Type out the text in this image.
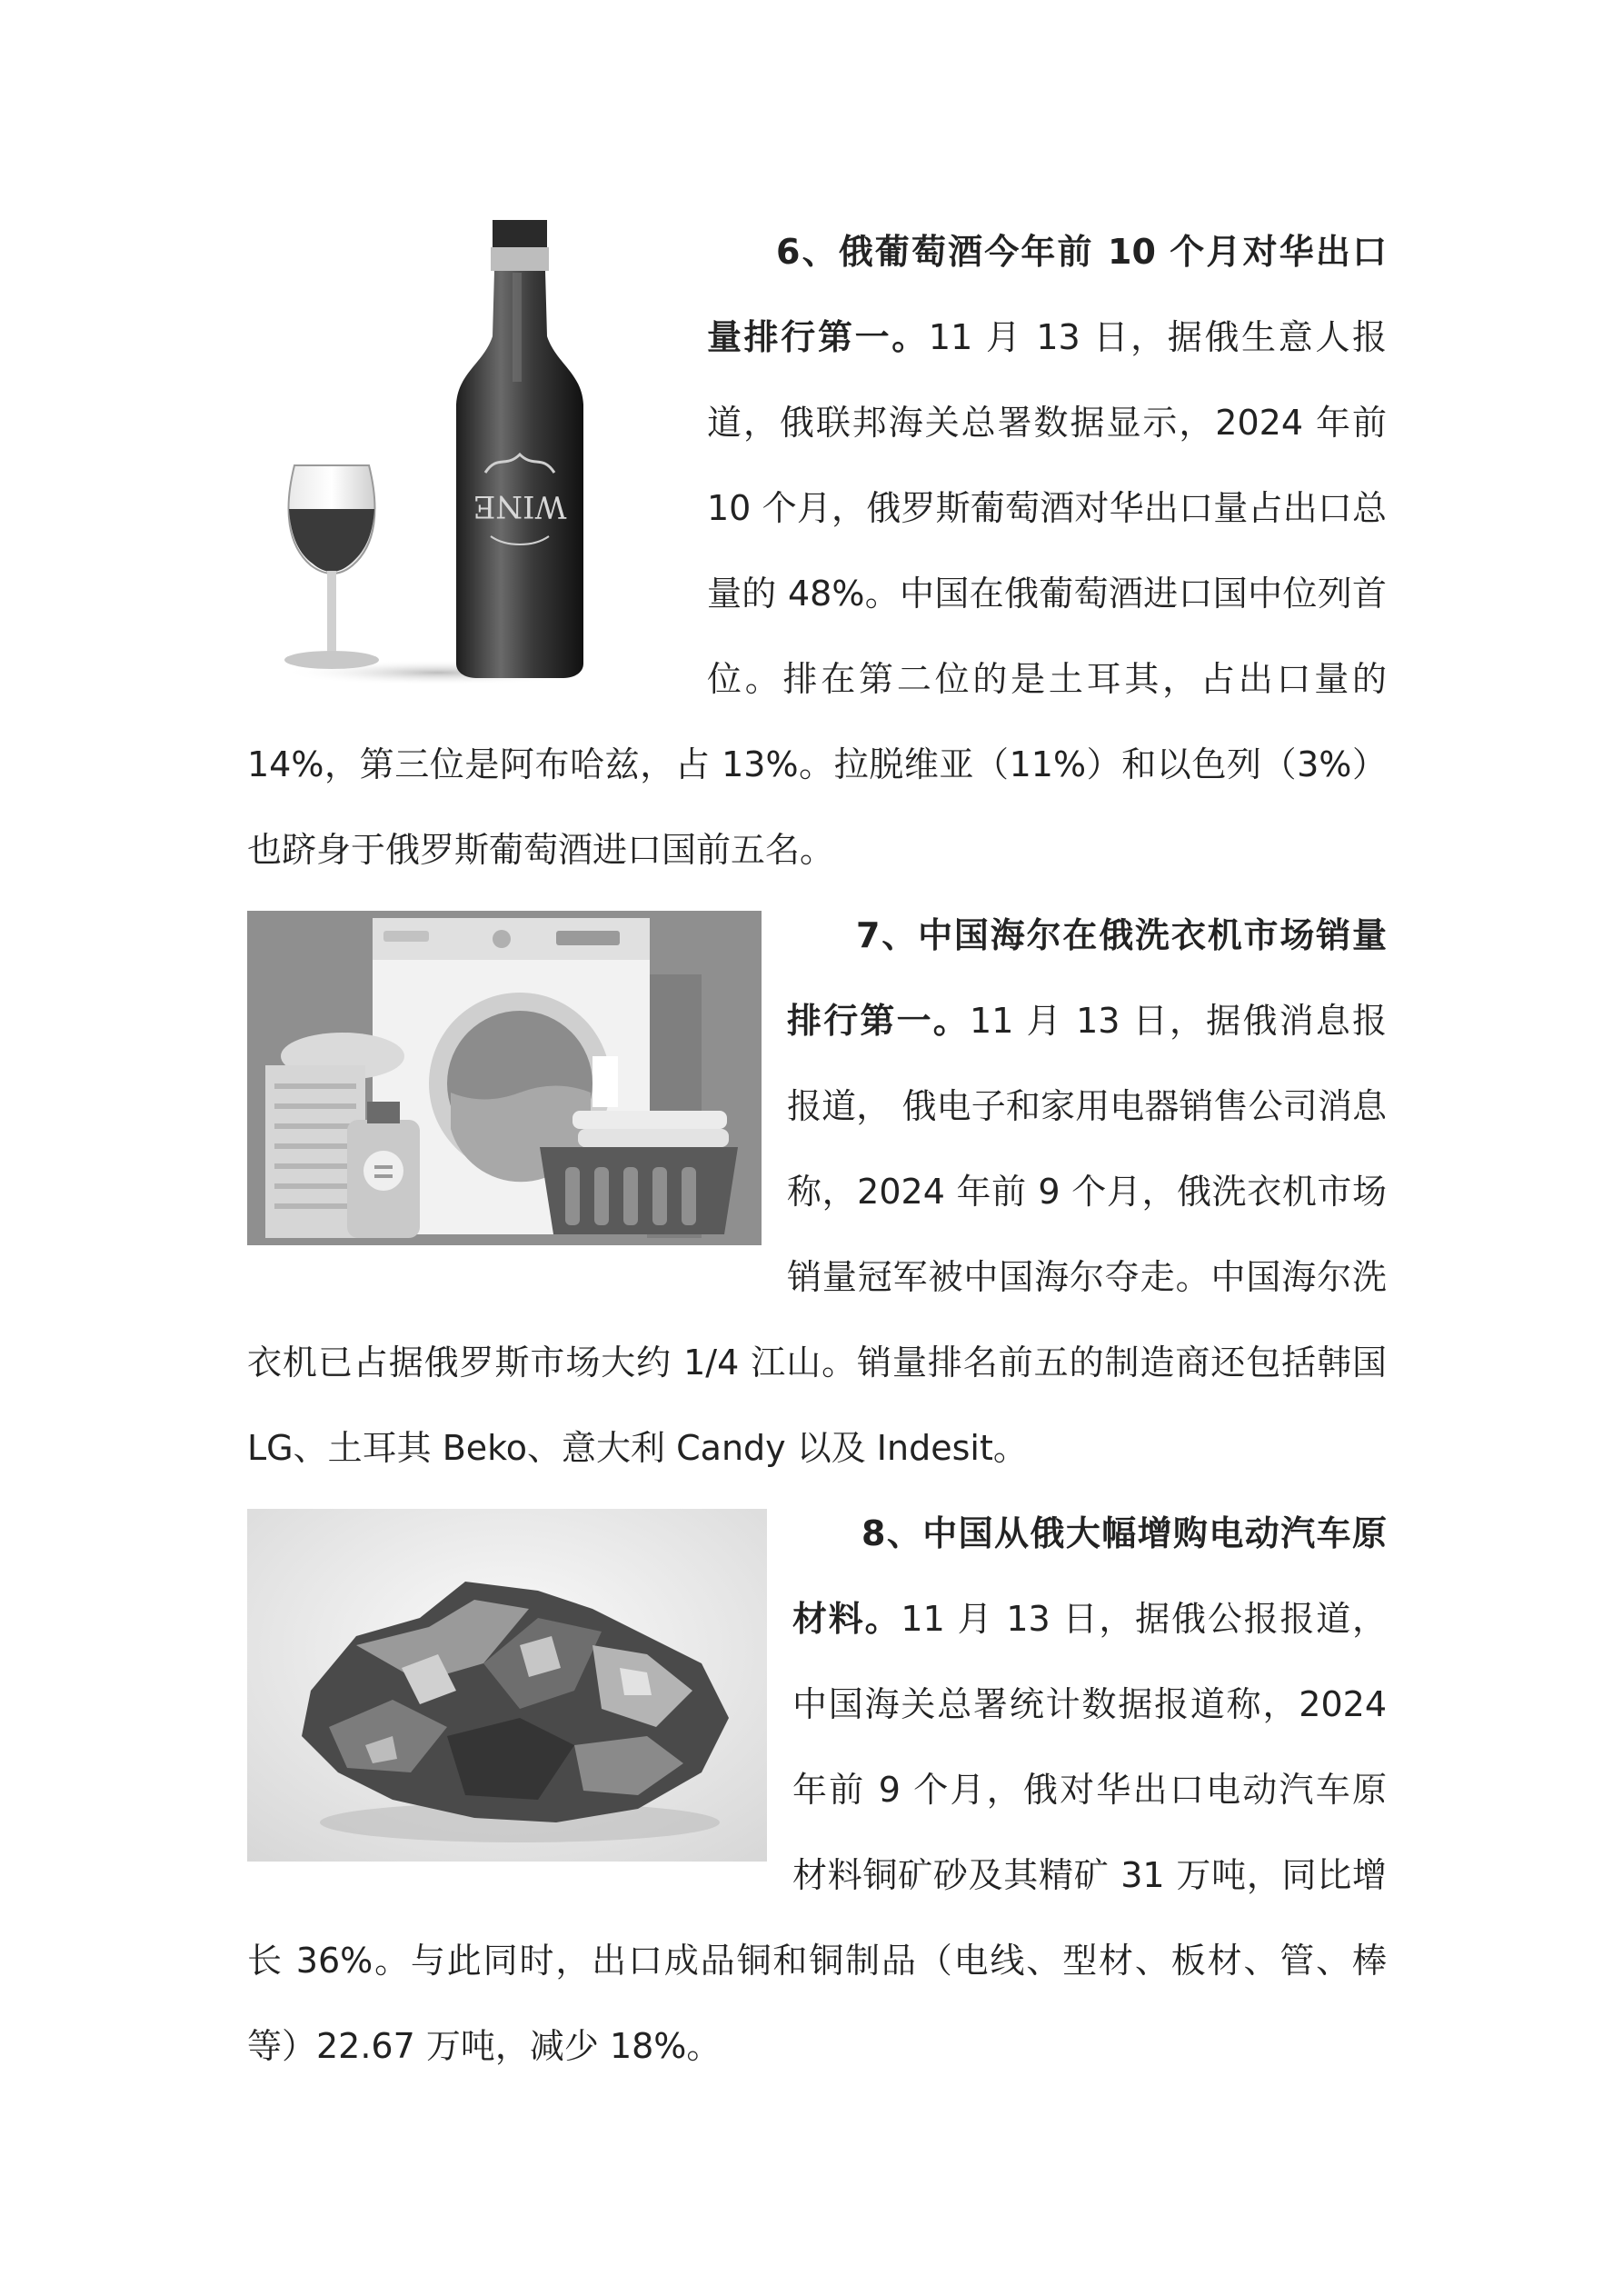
WINE

6、俄葡萄酒今年前 10 个月对华出口量排行第一。11 月 13 日，据俄生意人报道，俄联邦海关总署数据显示，2024 年前 10 个月，俄罗斯葡萄酒对华出口量占出口总量的 48%。中国在俄葡萄酒进口国中位列首位。排在第二位的是土耳其，占出口量的 14%，第三位是阿布哈兹，占 13%。拉脱维亚（11%）和以色列（3%）也跻身于俄罗斯葡萄酒进口国前五名。

7、中国海尔在俄洗衣机市场销量排行第一。11 月 13 日，据俄消息报报道， 俄电子和家用电器销售公司消息称，2024 年前 9 个月，俄洗衣机市场销量冠军被中国海尔夺走。中国海尔洗衣机已占据俄罗斯市场大约 1/4 江山。销量排名前五的制造商还包括韩国 LG、土耳其 Beko、意大利 Candy 以及 Indesit。

8、中国从俄大幅增购电动汽车原材料。11 月 13 日，据俄公报报道，中国海关总署统计数据报道称，2024 年前 9 个月，俄对华出口电动汽车原材料铜矿砂及其精矿 31 万吨，同比增长 36%。与此同时，出口成品铜和铜制品（电线、型材、板材、管、棒等）22.67 万吨，减少 18%。
